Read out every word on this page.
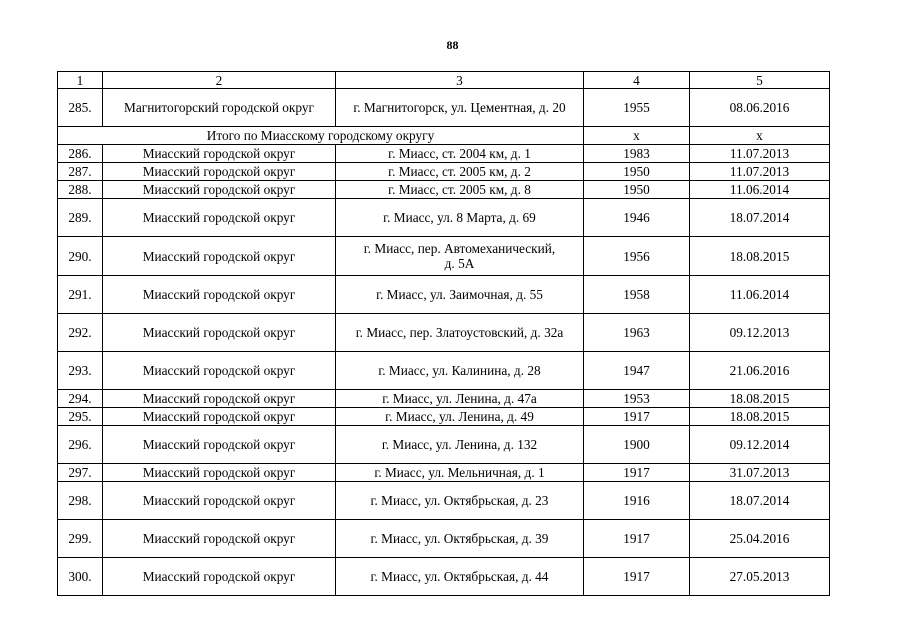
88
1	2	3	4	5
285.	Магнитогорский городской округ	г. Магнитогорск, ул. Цементная, д. 20	1955	08.06.2016
Итого по Миасскому городскому округу			х	х
286.	Миасский городской округ	г. Миасс, ст. 2004 км, д. 1	1983	11.07.2013
287.	Миасский городской округ	г. Миасс, ст. 2005 км, д. 2	1950	11.07.2013
288.	Миасский городской округ	г. Миасс, ст. 2005 км, д. 8	1950	11.06.2014
289.	Миасский городской округ	г. Миасс, ул. 8 Марта, д. 69	1946	18.07.2014
290.	Миасский городской округ	г. Миасс, пер. Автомеханический,
д. 5А	1956	18.08.2015
291.	Миасский городской округ	г. Миасс, ул. Заимочная, д. 55	1958	11.06.2014
292.	Миасский городской округ	г. Миасс, пер. Златоустовский, д. 32а	1963	09.12.2013
293.	Миасский городской округ	г. Миасс, ул. Калинина, д. 28	1947	21.06.2016
294.	Миасский городской округ	г. Миасс, ул. Ленина, д. 47а	1953	18.08.2015
295.	Миасский городской округ	г. Миасс, ул. Ленина, д. 49	1917	18.08.2015
296.	Миасский городской округ	г. Миасс, ул. Ленина, д. 132	1900	09.12.2014
297.	Миасский городской округ	г. Миасс, ул. Мельничная, д. 1	1917	31.07.2013
298.	Миасский городской округ	г. Миасс, ул. Октябрьская, д. 23	1916	18.07.2014
299.	Миасский городской округ	г. Миасс, ул. Октябрьская, д. 39	1917	25.04.2016
300.	Миасский городской округ	г. Миасс, ул. Октябрьская, д. 44	1917	27.05.2013
